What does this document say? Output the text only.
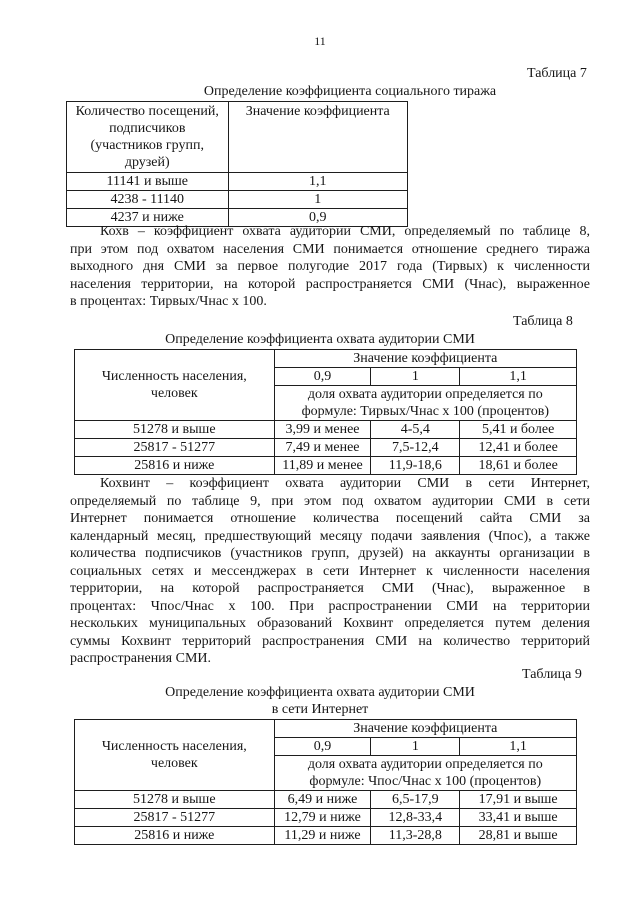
11
Таблица 7
Определение коэффициента социального тиража
Количество посещений,
подписчиков
(участников групп,
друзей)	Значение коэффициента
11141 и выше	1,1
4238 - 11140	1
4237 и ниже	0,9
Кохв – коэффициент охвата аудитории СМИ, определяемый по таблице 8,
при этом под охватом населения СМИ понимается отношение среднего тиража
выходного дня СМИ за первое полугодие 2017 года (Тирвых) к численности
населения территории, на которой распространяется СМИ (Чнас), выраженное
в процентах: Тирвых/Чнас х 100.
Таблица 8
Определение коэффициента охвата аудитории СМИ
Численность населения,
человек	Значение коэффициента		
	0,9	1	1,1

	доля охвата аудитории определяется по
формуле: Тирвых/Чнас х 100 (процентов)		

51278 и выше	3,99 и менее	4-5,4	5,41 и более
25817 - 51277	7,49 и менее	7,5-12,4	12,41 и более
25816 и ниже	11,89 и менее	11,9-18,6	18,61 и более
Кохвинт – коэффициент охвата аудитории СМИ в сети Интернет,
определяемый по таблице 9, при этом под охватом аудитории СМИ в сети
Интернет понимается отношение количества посещений сайта СМИ за
календарный месяц, предшествующий месяцу подачи заявления (Чпос), а также
количества подписчиков (участников групп, друзей) на аккаунты организации в
социальных сетях и мессенджерах в сети Интернет к численности населения
территории, на которой распространяется СМИ (Чнас), выраженное в
процентах: Чпос/Чнас х 100. При распространении СМИ на территории
нескольких муниципальных образований Кохвинт определяется путем деления
суммы Кохвинт территорий распространения СМИ на количество территорий
распространения СМИ.
Таблица 9
Определение коэффициента охвата аудитории СМИ
в сети Интернет
Численность населения,
человек	Значение коэффициента		
	0,9	1	1,1

	доля охвата аудитории определяется по
формуле: Чпос/Чнас х 100 (процентов)		

51278 и выше	6,49 и ниже	6,5-17,9	17,91 и выше
25817 - 51277	12,79 и ниже	12,8-33,4	33,41 и выше
25816 и ниже	11,29 и ниже	11,3-28,8	28,81 и выше
